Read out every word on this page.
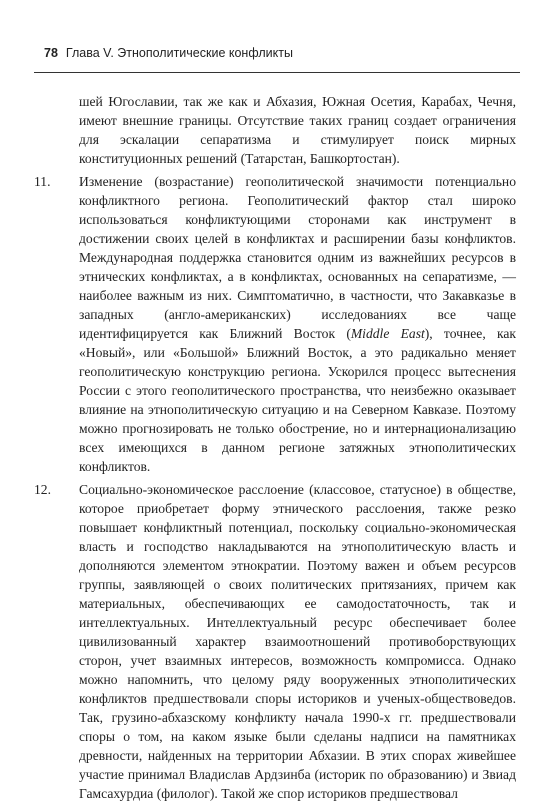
78 Глава V. Этнополитические конфликты

шей Югославии, так же как и Абхазия, Южная Осетия, Карабах, Чечня, имеют внешние границы. Отсутствие таких границ создает ограничения для эскалации сепаратизма и стимулирует поиск мирных конституционных решений (Татарстан, Башкортостан).

11. Изменение (возрастание) геополитической значимости потенциально конфликтного региона. Геополитический фактор стал широко использоваться конфликтующими сторонами как инструмент в достижении своих целей в конфликтах и расширении базы конфликтов. Международная поддержка становится одним из важнейших ресурсов в этнических конфликтах, а в конфликтах, основанных на сепаратизме, — наиболее важным из них. Симптоматично, в частности, что Закавказье в западных (англо-американских) исследованиях все чаще идентифицируется как Ближний Восток (Middle East), точнее, как «Новый», или «Большой» Ближний Восток, а это радикально меняет геополитическую конструкцию региона. Ускорился процесс вытеснения России с этого геополитического пространства, что неизбежно оказывает влияние на этнополитическую ситуацию и на Северном Кавказе. Поэтому можно прогнозировать не только обострение, но и интернационализацию всех имеющихся в данном регионе затяжных этнополитических конфликтов.

12. Социально-экономическое расслоение (классовое, статусное) в обществе, которое приобретает форму этнического расслоения, также резко повышает конфликтный потенциал, поскольку социально-экономическая власть и господство накладываются на этнополитическую власть и дополняются элементом этнократии. Поэтому важен и объем ресурсов группы, заявляющей о своих политических притязаниях, причем как материальных, обеспечивающих ее самодостаточность, так и интеллектуальных. Интеллектуальный ресурс обеспечивает более цивилизованный характер взаимоотношений противоборствующих сторон, учет взаимных интересов, возможность компромисса. Однако можно напомнить, что целому ряду вооруженных этнополитических конфликтов предшествовали споры историков и ученых-обществоведов. Так, грузино-абхазскому конфликту начала 1990-х гг. предшествовали споры о том, на каком языке были сделаны надписи на памятниках древности, найденных на территории Абхазии. В этих спорах живейшее участие принимал Владислав Ардзинба (историк по образованию) и Звиад Гамсахурдиа (филолог). Такой же спор историков предшествовал
